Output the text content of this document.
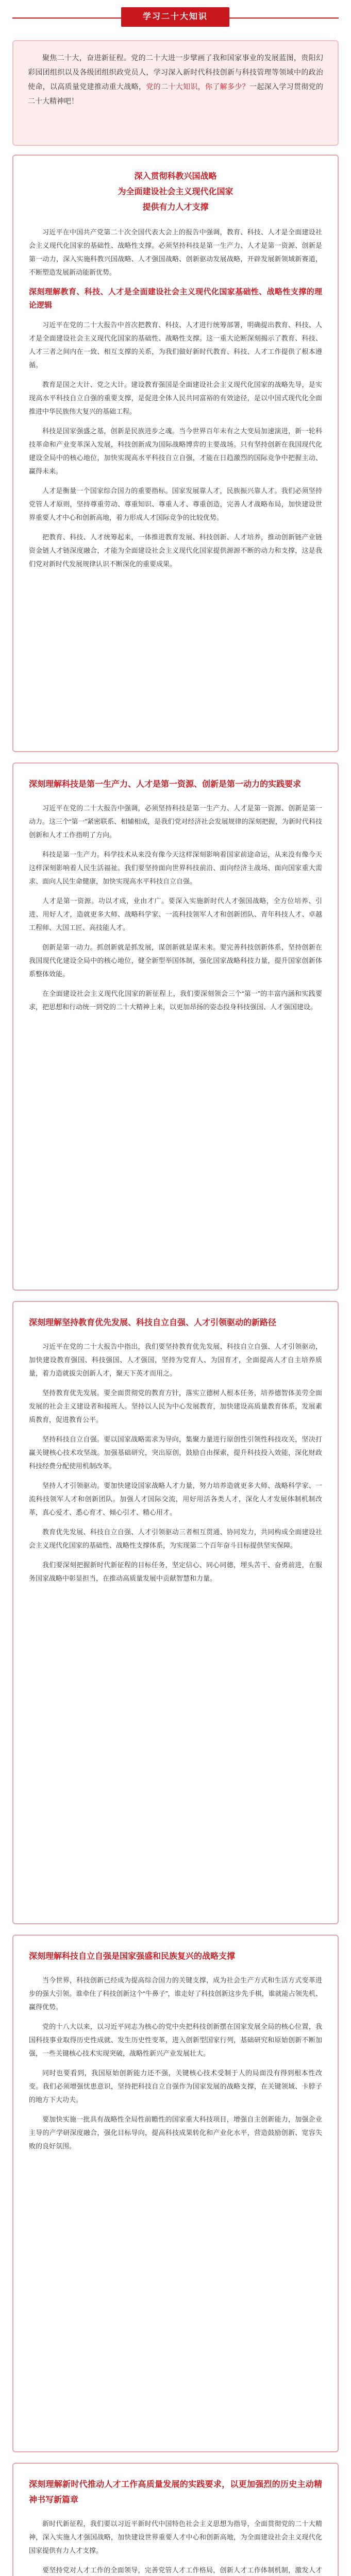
学习二十大知识
聚焦二十大，奋进新征程。党的二十大进一步擘画了我和国家事业的发展蓝图，贵阳幻彩园团组织以及各级团组织政党员人，学习深入新时代科技创新与科技管理等领域中的政治使命，以高质量党建推动重大战略，党的二十大知识，你了解多少？一起深入学习贯彻党的二十大精神吧！
深入贯彻科教兴国战略
为全面建设社会主义现代化国家
提供有力人才支撑

习近平在中国共产党第二十次全国代表大会上的报告中强调，教育、科技、人才是全面建设社会主义现代化国家的基础性、战略性支撑。必须坚持科技是第一生产力、人才是第一资源、创新是第一动力，深入实施科教兴国战略、人才强国战略、创新驱动发展战略，开辟发展新领域新赛道，不断塑造发展新动能新优势。

深刻理解教育、科技、人才是全面建设社会主义现代化国家基础性、战略性支撑的理论逻辑

习近平在党的二十大报告中首次把教育、科技、人才进行统筹部署，明确提出教育、科技、人才是全面建设社会主义现代化国家的基础性、战略性支撑。这一重大论断深刻揭示了教育、科技、人才三者之间内在一致、相互支撑的关系，为我们做好新时代教育、科技、人才工作提供了根本遵循。

教育是国之大计、党之大计。建设教育强国是全面建设社会主义现代化国家的战略先导，是实现高水平科技自立自强的重要支撑，是促进全体人民共同富裕的有效途径，是以中国式现代化全面推进中华民族伟大复兴的基础工程。

科技是国家强盛之基，创新是民族进步之魂。当今世界百年未有之大变局加速演进，新一轮科技革命和产业变革深入发展，科技创新成为国际战略博弈的主要战场。只有坚持创新在我国现代化建设全局中的核心地位，加快实现高水平科技自立自强，才能在日趋激烈的国际竞争中把握主动、赢得未来。

人才是衡量一个国家综合国力的重要指标。国家发展靠人才，民族振兴靠人才。我们必须坚持党管人才原则，坚持尊重劳动、尊重知识、尊重人才、尊重创造，完善人才战略布局，加快建设世界重要人才中心和创新高地，着力形成人才国际竞争的比较优势。

把教育、科技、人才统筹起来，一体推进教育发展、科技创新、人才培养，推动创新链产业链资金链人才链深度融合，才能为全面建设社会主义现代化国家提供源源不断的动力和支撑，这是我们党对新时代发展规律认识不断深化的重要成果。

深刻理解科技是第一生产力、人才是第一资源、创新是第一动力的实践要求

习近平在党的二十大报告中强调，必须坚持科技是第一生产力、人才是第一资源、创新是第一动力。这三个“第一”紧密联系、相辅相成，是我们党对经济社会发展规律的深刻把握，为新时代科技创新和人才工作指明了方向。

科技是第一生产力。科学技术从来没有像今天这样深刻影响着国家前途命运，从来没有像今天这样深刻影响着人民生活福祉。我们要坚持面向世界科技前沿、面向经济主战场、面向国家重大需求、面向人民生命健康，加快实现高水平科技自立自强。

人才是第一资源。功以才成，业由才广。要深入实施新时代人才强国战略，全方位培养、引进、用好人才，造就更多大师、战略科学家、一流科技领军人才和创新团队、青年科技人才、卓越工程师、大国工匠、高技能人才。

创新是第一动力。抓创新就是抓发展，谋创新就是谋未来。要完善科技创新体系，坚持创新在我国现代化建设全局中的核心地位，健全新型举国体制，强化国家战略科技力量，提升国家创新体系整体效能。

在全面建设社会主义现代化国家的新征程上，我们要深刻领会三个“第一”的丰富内涵和实践要求，把思想和行动统一到党的二十大精神上来，以更加昂扬的姿态投身科技强国、人才强国建设。

深刻理解坚持教育优先发展、科技自立自强、人才引领驱动的新路径

习近平在党的二十大报告中指出，我们要坚持教育优先发展、科技自立自强、人才引领驱动，加快建设教育强国、科技强国、人才强国，坚持为党育人、为国育才，全面提高人才自主培养质量，着力造就拔尖创新人才，聚天下英才而用之。

坚持教育优先发展。要全面贯彻党的教育方针，落实立德树人根本任务，培养德智体美劳全面发展的社会主义建设者和接班人。坚持以人民为中心发展教育，加快建设高质量教育体系，发展素质教育，促进教育公平。

坚持科技自立自强。要以国家战略需求为导向，集聚力量进行原创性引领性科技攻关，坚决打赢关键核心技术攻坚战。加强基础研究，突出原创，鼓励自由探索，提升科技投入效能，深化财政科技经费分配使用机制改革。

坚持人才引领驱动。要加快建设国家战略人才力量，努力培养造就更多大师、战略科学家、一流科技领军人才和创新团队。加强人才国际交流，用好用活各类人才，深化人才发展体制机制改革，真心爱才、悉心育才、倾心引才、精心用才。

教育优先发展、科技自立自强、人才引领驱动三者相互贯通、协同发力，共同构成全面建设社会主义现代化国家的基础性、战略性支撑体系，为实现第二个百年奋斗目标提供坚实保障。

我们要深刻把握新时代新征程的目标任务，坚定信心、同心同德，埋头苦干、奋勇前进，在服务国家战略中彰显担当，在推动高质量发展中贡献智慧和力量。

深刻理解科技自立自强是国家强盛和民族复兴的战略支撑

当今世界，科技创新已经成为提高综合国力的关键支撑，成为社会生产方式和生活方式变革进步的强大引领。谁牵住了科技创新这个“牛鼻子”，谁走好了科技创新这步先手棋，谁就能占领先机、赢得优势。

党的十八大以来，以习近平同志为核心的党中央把科技创新摆在国家发展全局的核心位置，我国科技事业取得历史性成就、发生历史性变革，进入创新型国家行列，基础研究和原始创新不断加强，一些关键核心技术实现突破，战略性新兴产业发展壮大。

同时也要看到，我国原始创新能力还不强，关键核心技术受制于人的局面没有得到根本性改变。我们必须增强忧患意识，坚持把科技自立自强作为国家发展的战略支撑，在关键领域、卡脖子的地方下大功夫。

要加快实施一批具有战略性全局性前瞻性的国家重大科技项目，增强自主创新能力，加强企业主导的产学研深度融合，强化目标导向，提高科技成果转化和产业化水平，营造鼓励创新、宽容失败的良好氛围。

深刻理解新时代推动人才工作高质量发展的实践要求，以更加强烈的历史主动精神书写新篇章

新时代新征程，我们要以习近平新时代中国特色社会主义思想为指导，全面贯彻党的二十大精神，深入实施人才强国战略，加快建设世界重要人才中心和创新高地，为全面建设社会主义现代化国家提供有力人才支撑。

要坚持党对人才工作的全面领导，完善党管人才工作格局，创新人才工作体制机制，激发人才
